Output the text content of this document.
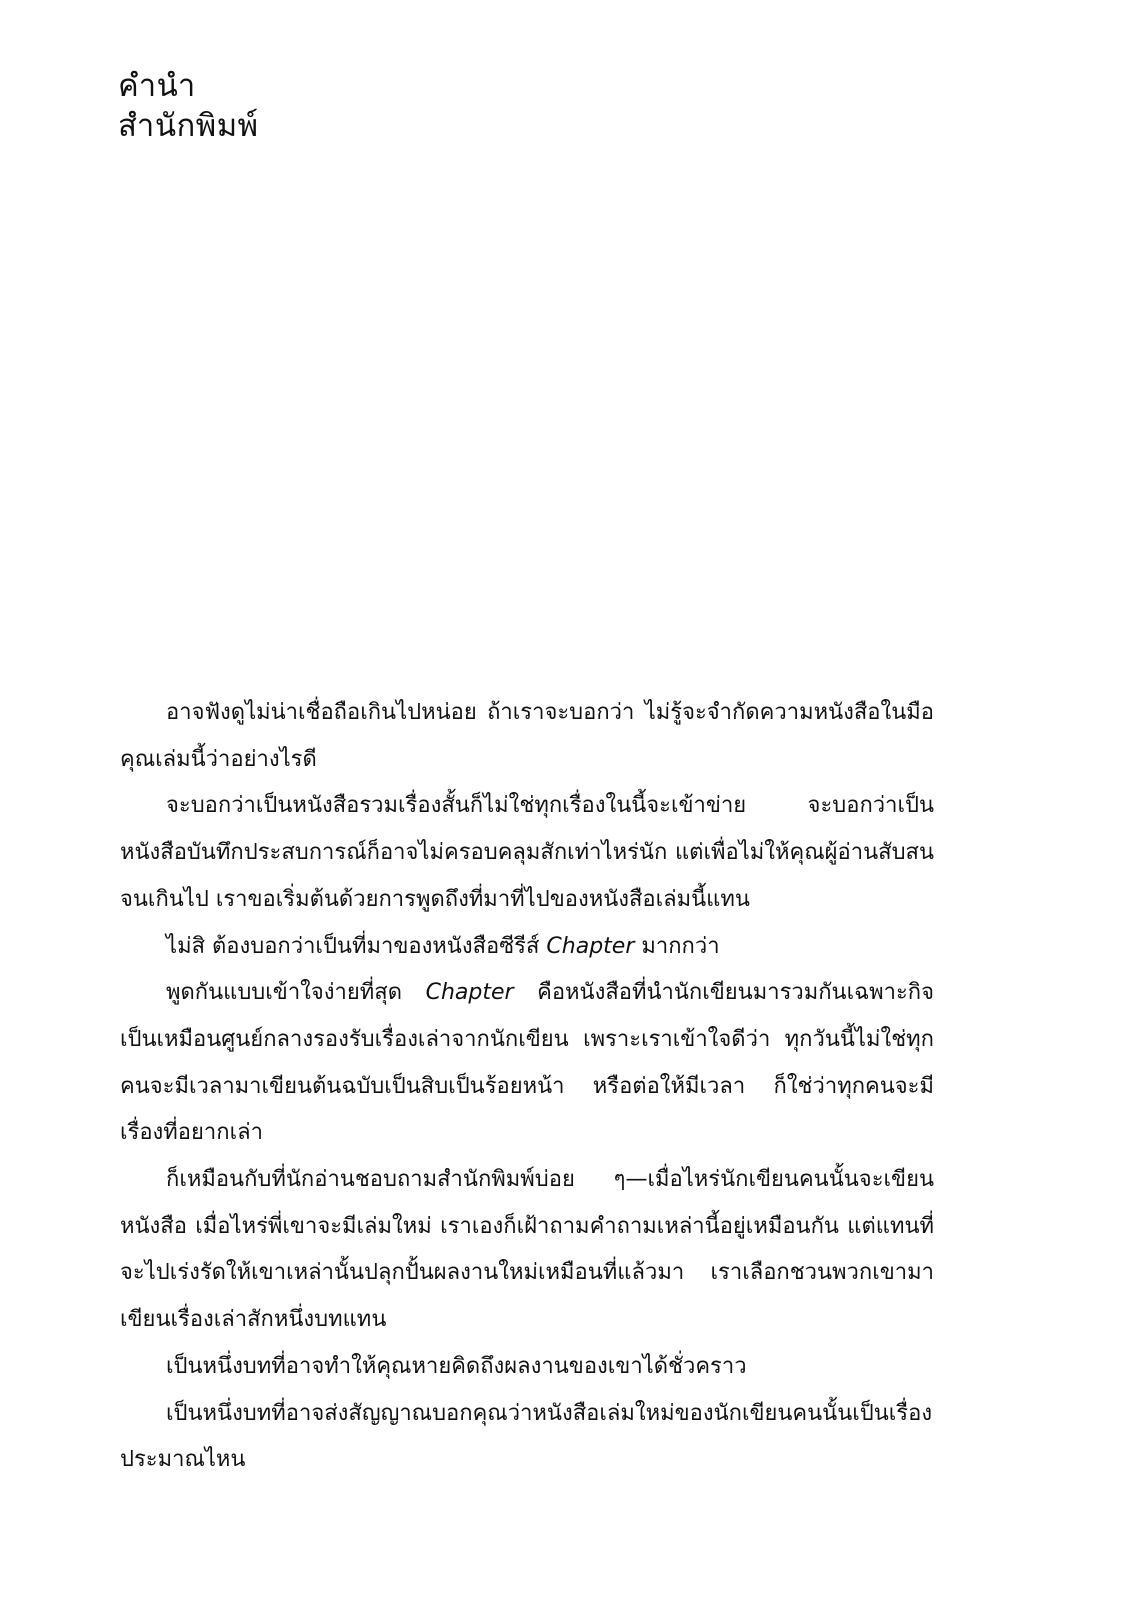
คำนำ
สำนักพิมพ์

อาจฟังดูไม่น่าเชื่อถือเกินไปหน่อย ถ้าเราจะบอกว่า ไม่รู้จะจำกัดความหนังสือในมือคุณเล่มนี้ว่าอย่างไรดี

จะบอกว่าเป็นหนังสือรวมเรื่องสั้นก็ไม่ใช่ทุกเรื่องในนี้จะเข้าข่าย จะบอกว่าเป็นหนังสือบันทึกประสบการณ์ก็อาจไม่ครอบคลุมสักเท่าไหร่นัก แต่เพื่อไม่ให้คุณผู้อ่านสับสนจนเกินไป เราขอเริ่มต้นด้วยการพูดถึงที่มาที่ไปของหนังสือเล่มนี้แทน

ไม่สิ ต้องบอกว่าเป็นที่มาของหนังสือซีรีส์ Chapter มากกว่า

พูดกันแบบเข้าใจง่ายที่สุด Chapter คือหนังสือที่นำนักเขียนมารวมกันเฉพาะกิจ เป็นเหมือนศูนย์กลางรองรับเรื่องเล่าจากนักเขียน เพราะเราเข้าใจดีว่า ทุกวันนี้ไม่ใช่ทุกคนจะมีเวลามาเขียนต้นฉบับเป็นสิบเป็นร้อยหน้า หรือต่อให้มีเวลา ก็ใช่ว่าทุกคนจะมีเรื่องที่อยากเล่า

ก็เหมือนกับที่นักอ่านชอบถามสำนักพิมพ์บ่อย ๆ—เมื่อไหร่นักเขียนคนนั้นจะเขียนหนังสือ เมื่อไหร่พี่เขาจะมีเล่มใหม่ เราเองก็เฝ้าถามคำถามเหล่านี้อยู่เหมือนกัน แต่แทนที่จะไปเร่งรัดให้เขาเหล่านั้นปลุกปั้นผลงานใหม่เหมือนที่แล้วมา เราเลือกชวนพวกเขามาเขียนเรื่องเล่าสักหนึ่งบทแทน

เป็นหนึ่งบทที่อาจทำให้คุณหายคิดถึงผลงานของเขาได้ชั่วคราว

เป็นหนึ่งบทที่อาจส่งสัญญาณบอกคุณว่าหนังสือเล่มใหม่ของนักเขียนคนนั้นเป็นเรื่องประมาณไหน
